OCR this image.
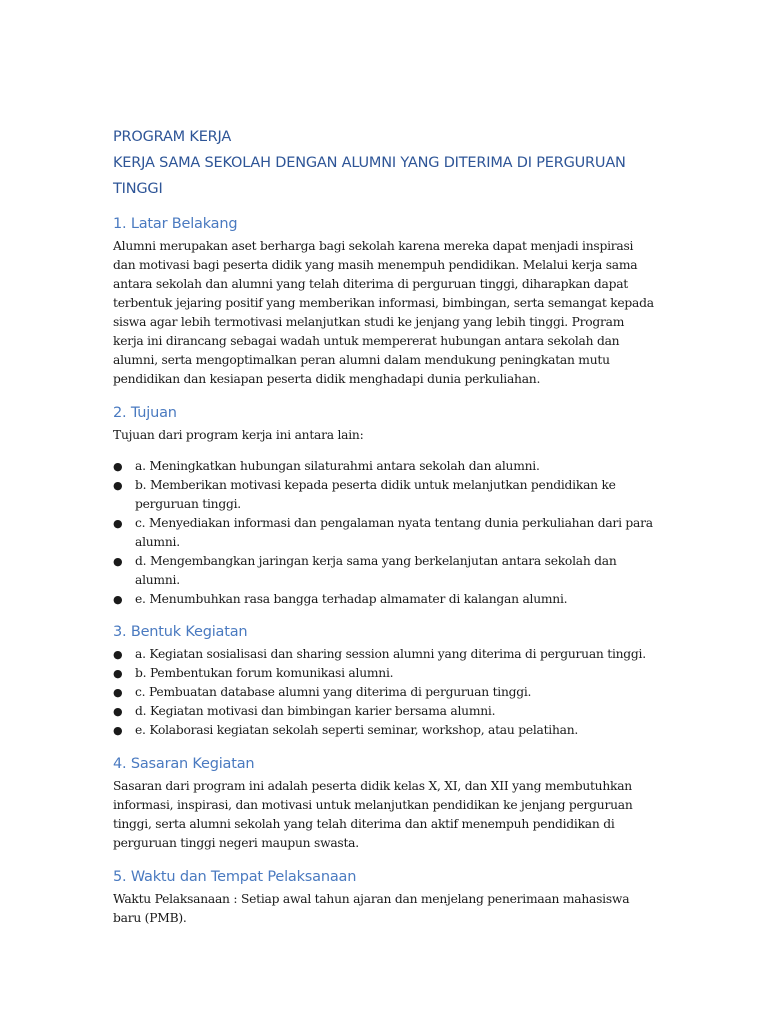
PROGRAM KERJA
KERJA SAMA SEKOLAH DENGAN ALUMNI YANG DITERIMA DI PERGURUAN
TINGGI
1. Latar Belakang

Alumni merupakan aset berharga bagi sekolah karena mereka dapat menjadi inspirasi dan motivasi bagi peserta didik yang masih menempuh pendidikan. Melalui kerja sama antara sekolah dan alumni yang telah diterima di perguruan tinggi, diharapkan dapat terbentuk jejaring positif yang memberikan informasi, bimbingan, serta semangat kepada siswa agar lebih termotivasi melanjutkan studi ke jenjang yang lebih tinggi. Program kerja ini dirancang sebagai wadah untuk mempererat hubungan antara sekolah dan alumni, serta mengoptimalkan peran alumni dalam mendukung peningkatan mutu pendidikan dan kesiapan peserta didik menghadapi dunia perkuliahan.

2. Tujuan

Tujuan dari program kerja ini antara lain:

● a. Meningkatkan hubungan silaturahmi antara sekolah dan alumni.
● b. Memberikan motivasi kepada peserta didik untuk melanjutkan pendidikan ke perguruan tinggi.
● c. Menyediakan informasi dan pengalaman nyata tentang dunia perkuliahan dari para alumni.
● d. Mengembangkan jaringan kerja sama yang berkelanjutan antara sekolah dan alumni.
● e. Menumbuhkan rasa bangga terhadap almamater di kalangan alumni.
3. Bentuk Kegiatan
● a. Kegiatan sosialisasi dan sharing session alumni yang diterima di perguruan tinggi.
● b. Pembentukan forum komunikasi alumni.
● c. Pembuatan database alumni yang diterima di perguruan tinggi.
● d. Kegiatan motivasi dan bimbingan karier bersama alumni.
● e. Kolaborasi kegiatan sekolah seperti seminar, workshop, atau pelatihan.
4. Sasaran Kegiatan

Sasaran dari program ini adalah peserta didik kelas X, XI, dan XII yang membutuhkan informasi, inspirasi, dan motivasi untuk melanjutkan pendidikan ke jenjang perguruan tinggi, serta alumni sekolah yang telah diterima dan aktif menempuh pendidikan di perguruan tinggi negeri maupun swasta.

5. Waktu dan Tempat Pelaksanaan

Waktu Pelaksanaan : Setiap awal tahun ajaran dan menjelang penerimaan mahasiswa baru (PMB).
